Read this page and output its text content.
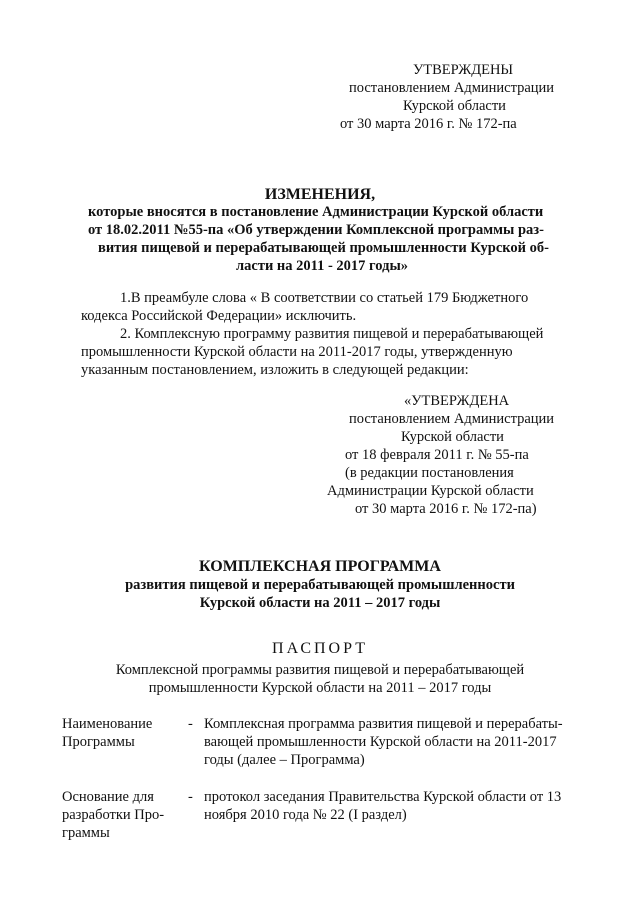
УТВЕРЖДЕНЫ
постановлением Администрации
Курской области
от 30 марта 2016 г. № 172-па
ИЗМЕНЕНИЯ,
которые вносятся в постановление Администрации Курской области
от 18.02.2011 №55-па «Об утверждении Комплексной программы раз-
вития пищевой и перерабатывающей промышленности Курской об-
ласти на 2011 - 2017 годы»
1.В преамбуле слова « В соответствии со статьей 179 Бюджетного
кодекса Российской Федерации» исключить.
2. Комплексную программу развития пищевой и перерабатывающей
промышленности Курской области на 2011-2017 годы, утвержденную
указанным постановлением, изложить в следующей редакции:
«УТВЕРЖДЕНА
постановлением Администрации
Курской области
от 18 февраля 2011 г. № 55-па
(в редакции постановления
Администрации Курской области
от 30 марта 2016 г. № 172-па)
КОМПЛЕКСНАЯ ПРОГРАММА
развития пищевой и перерабатывающей промышленности
Курской области на 2011 – 2017 годы
ПАСПОРТ
Комплексной программы развития пищевой и перерабатывающей
промышленности Курской области на 2011 – 2017 годы
Наименование
Программы
- Комплексная программа развития пищевой и перерабаты-
вающей промышленности Курской области на 2011-2017
годы (далее – Программа)
Основание для
разработки Про-
граммы
- протокол заседания Правительства Курской области от 13
ноября 2010 года № 22 (I раздел)
